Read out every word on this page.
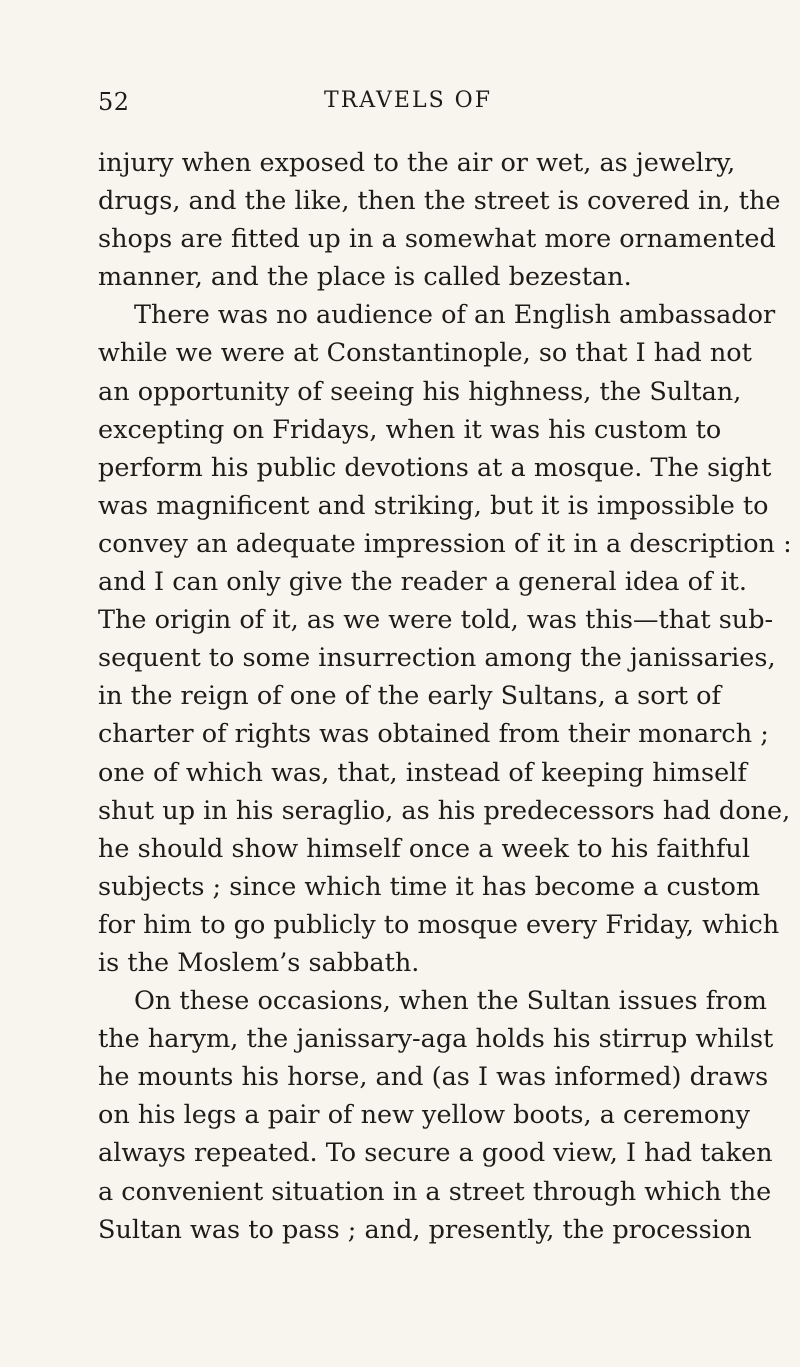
52	TRAVELS OF
injury when exposed to the air or wet, as jewelry,
drugs, and the like, then the street is covered in, the
shops are fitted up in a somewhat more ornamented
manner, and the place is called bezestan.
There was no audience of an English ambassador
while we were at Constantinople, so that I had not
an opportunity of seeing his highness, the Sultan,
excepting on Fridays, when it was his custom to
perform his public devotions at a mosque. The sight
was magnificent and striking, but it is impossible to
convey an adequate impression of it in a description :
and I can only give the reader a general idea of it.
The origin of it, as we were told, was this—that sub-
sequent to some insurrection among the janissaries,
in the reign of one of the early Sultans, a sort of
charter of rights was obtained from their monarch ;
one of which was, that, instead of keeping himself
shut up in his seraglio, as his predecessors had done,
he should show himself once a week to his faithful
subjects ; since which time it has become a custom
for him to go publicly to mosque every Friday, which
is the Moslem’s sabbath.
On these occasions, when the Sultan issues from
the harym, the janissary-aga holds his stirrup whilst
he mounts his horse, and (as I was informed) draws
on his legs a pair of new yellow boots, a ceremony
always repeated. To secure a good view, I had taken
a convenient situation in a street through which the
Sultan was to pass ; and, presently, the procession
